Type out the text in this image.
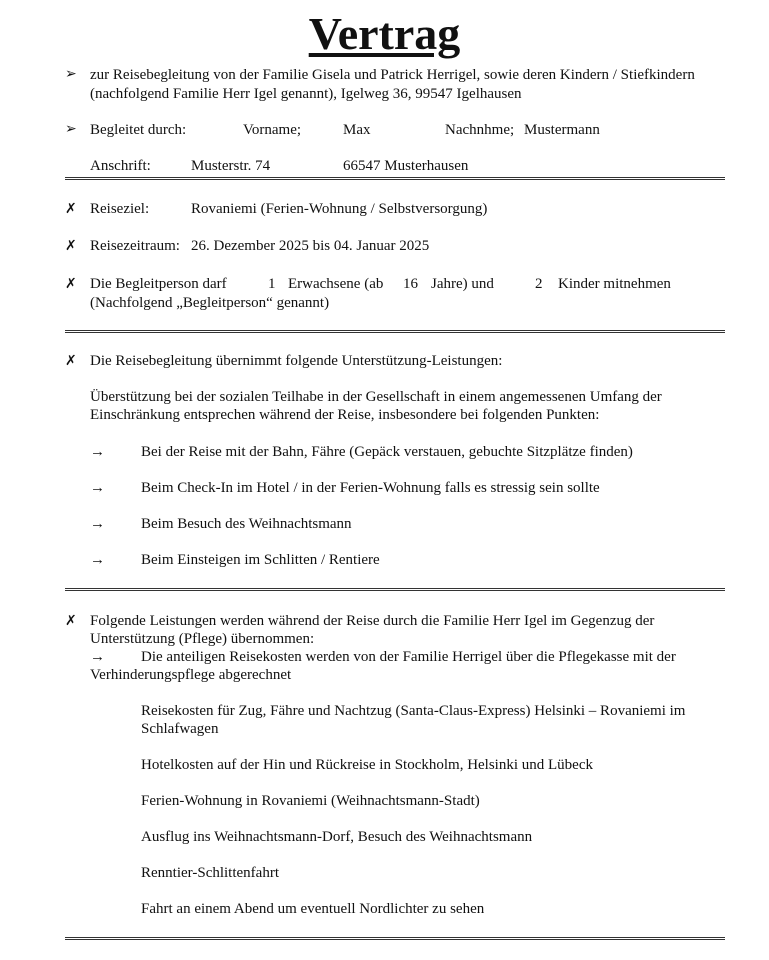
Vertrag
➢ zur Reisebegleitung von der Familie Gisela und Patrick Herrigel, sowie deren Kindern / Stiefkindern
(nachfolgend Familie Herr Igel genannt), Igelweg 36, 99547 Igelhausen
➢ Begleitet durch:	Vorname;	Max	Nachnhme; Mustermann
Anschrift:	Musterstr. 74	66547 Musterhausen
✗ Reiseziel:	Rovaniemi (Ferien-Wohnung / Selbstversorgung)
✗ Reisezeitraum: 26. Dezember 2025 bis 04. Januar 2025
✗ Die Begleitperson darf	1 Erwachsene (ab 16 Jahre) und	2 Kinder mitnehmen
(Nachfolgend „Begleitperson“ genannt)
✗ Die Reisebegleitung übernimmt folgende Unterstützung-Leistungen:
Überstützung bei der sozialen Teilhabe in der Gesellschaft in einem angemessenen Umfang der
Einschränkung entsprechen während der Reise, insbesondere bei folgenden Punkten:
→ Bei der Reise mit der Bahn, Fähre (Gepäck verstauen, gebuchte Sitzplätze finden)
→ Beim Check-In im Hotel / in der Ferien-Wohnung falls es stressig sein sollte
→ Beim Besuch des Weihnachtsmann
→ Beim Einsteigen im Schlitten / Rentiere
✗ Folgende Leistungen werden während der Reise durch die Familie Herr Igel im Gegenzug der
Unterstützung (Pflege) übernommen:
→ Die anteiligen Reisekosten werden von der Familie Herrigel über die Pflegekasse mit der
Verhinderungspflege abgerechnet
Reisekosten für Zug, Fähre und Nachtzug (Santa-Claus-Express) Helsinki – Rovaniemi im
Schlafwagen
Hotelkosten auf der Hin und Rückreise in Stockholm, Helsinki und Lübeck
Ferien-Wohnung in Rovaniemi (Weihnachtsmann-Stadt)
Ausflug ins Weihnachtsmann-Dorf, Besuch des Weihnachtsmann
Renntier-Schlittenfahrt
Fahrt an einem Abend um eventuell Nordlichter zu sehen
